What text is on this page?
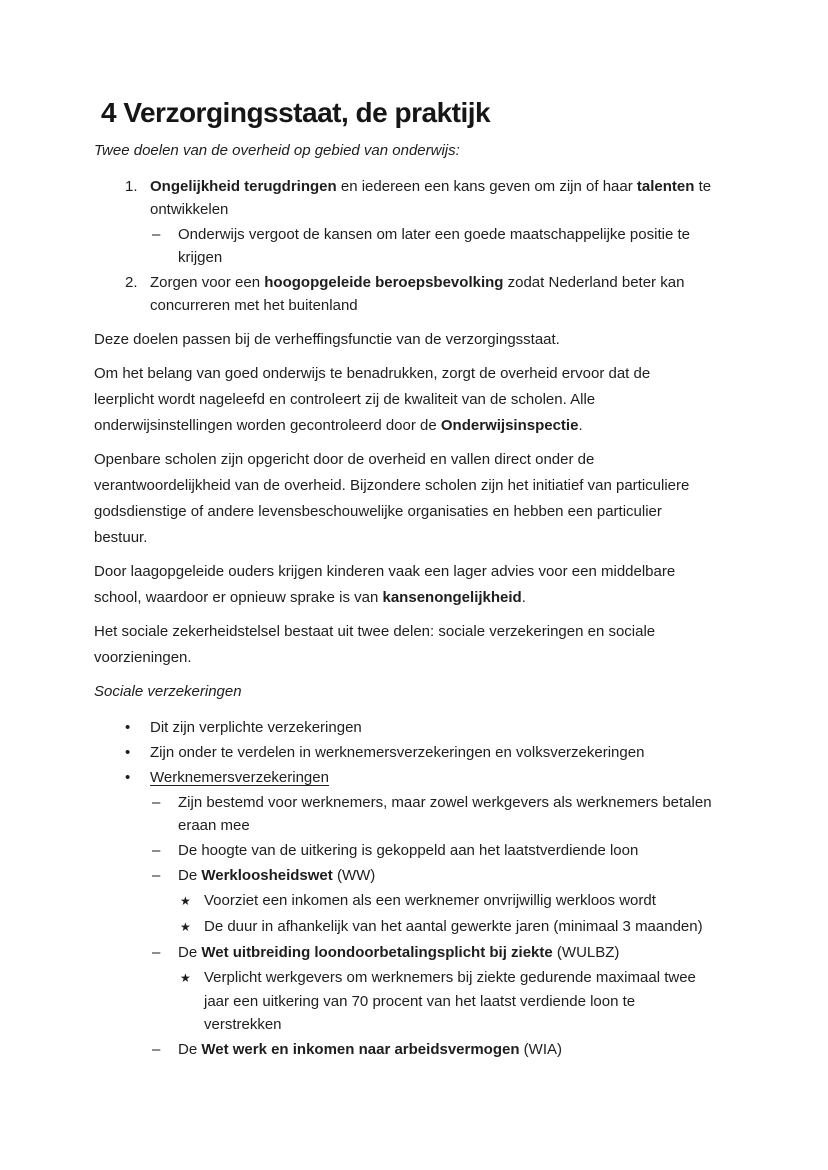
4 Verzorgingsstaat, de praktijk
Twee doelen van de overheid op gebied van onderwijs:
1. Ongelijkheid terugdringen en iedereen een kans geven om zijn of haar talenten te
ontwikkelen
–	Onderwijs vergoot de kansen om later een goede maatschappelijke positie te
krijgen
2. Zorgen voor een hoogopgeleide beroepsbevolking zodat Nederland beter kan
concurreren met het buitenland
Deze doelen passen bij de verheffingsfunctie van de verzorgingsstaat.
Om het belang van goed onderwijs te benadrukken, zorgt de overheid ervoor dat de
leerplicht wordt nageleefd en controleert zij de kwaliteit van de scholen. Alle
onderwijsinstellingen worden gecontroleerd door de Onderwijsinspectie.
Openbare scholen zijn opgericht door de overheid en vallen direct onder de
verantwoordelijkheid van de overheid. Bijzondere scholen zijn het initiatief van particuliere
godsdienstige of andere levensbeschouwelijke organisaties en hebben een particulier
bestuur.
Door laagopgeleide ouders krijgen kinderen vaak een lager advies voor een middelbare
school, waardoor er opnieuw sprake is van kansenongelijkheid.
Het sociale zekerheidstelsel bestaat uit twee delen: sociale verzekeringen en sociale
voorzieningen.
Sociale verzekeringen
•	Dit zijn verplichte verzekeringen
•	Zijn onder te verdelen in werknemersverzekeringen en volksverzekeringen
•	Werknemersverzekeringen
–	Zijn bestemd voor werknemers, maar zowel werkgevers als werknemers betalen
eraan mee
–	De hoogte van de uitkering is gekoppeld aan het laatstverdiende loon
–	De Werkloosheidswet (WW)
★ Voorziet een inkomen als een werknemer onvrijwillig werkloos wordt
★ De duur in afhankelijk van het aantal gewerkte jaren (minimaal 3 maanden)
–	De Wet uitbreiding loondoorbetalingsplicht bij ziekte (WULBZ)
★ Verplicht werkgevers om werknemers bij ziekte gedurende maximaal twee
jaar een uitkering van 70 procent van het laatst verdiende loon te
verstrekken
–	De Wet werk en inkomen naar arbeidsvermogen (WIA)
